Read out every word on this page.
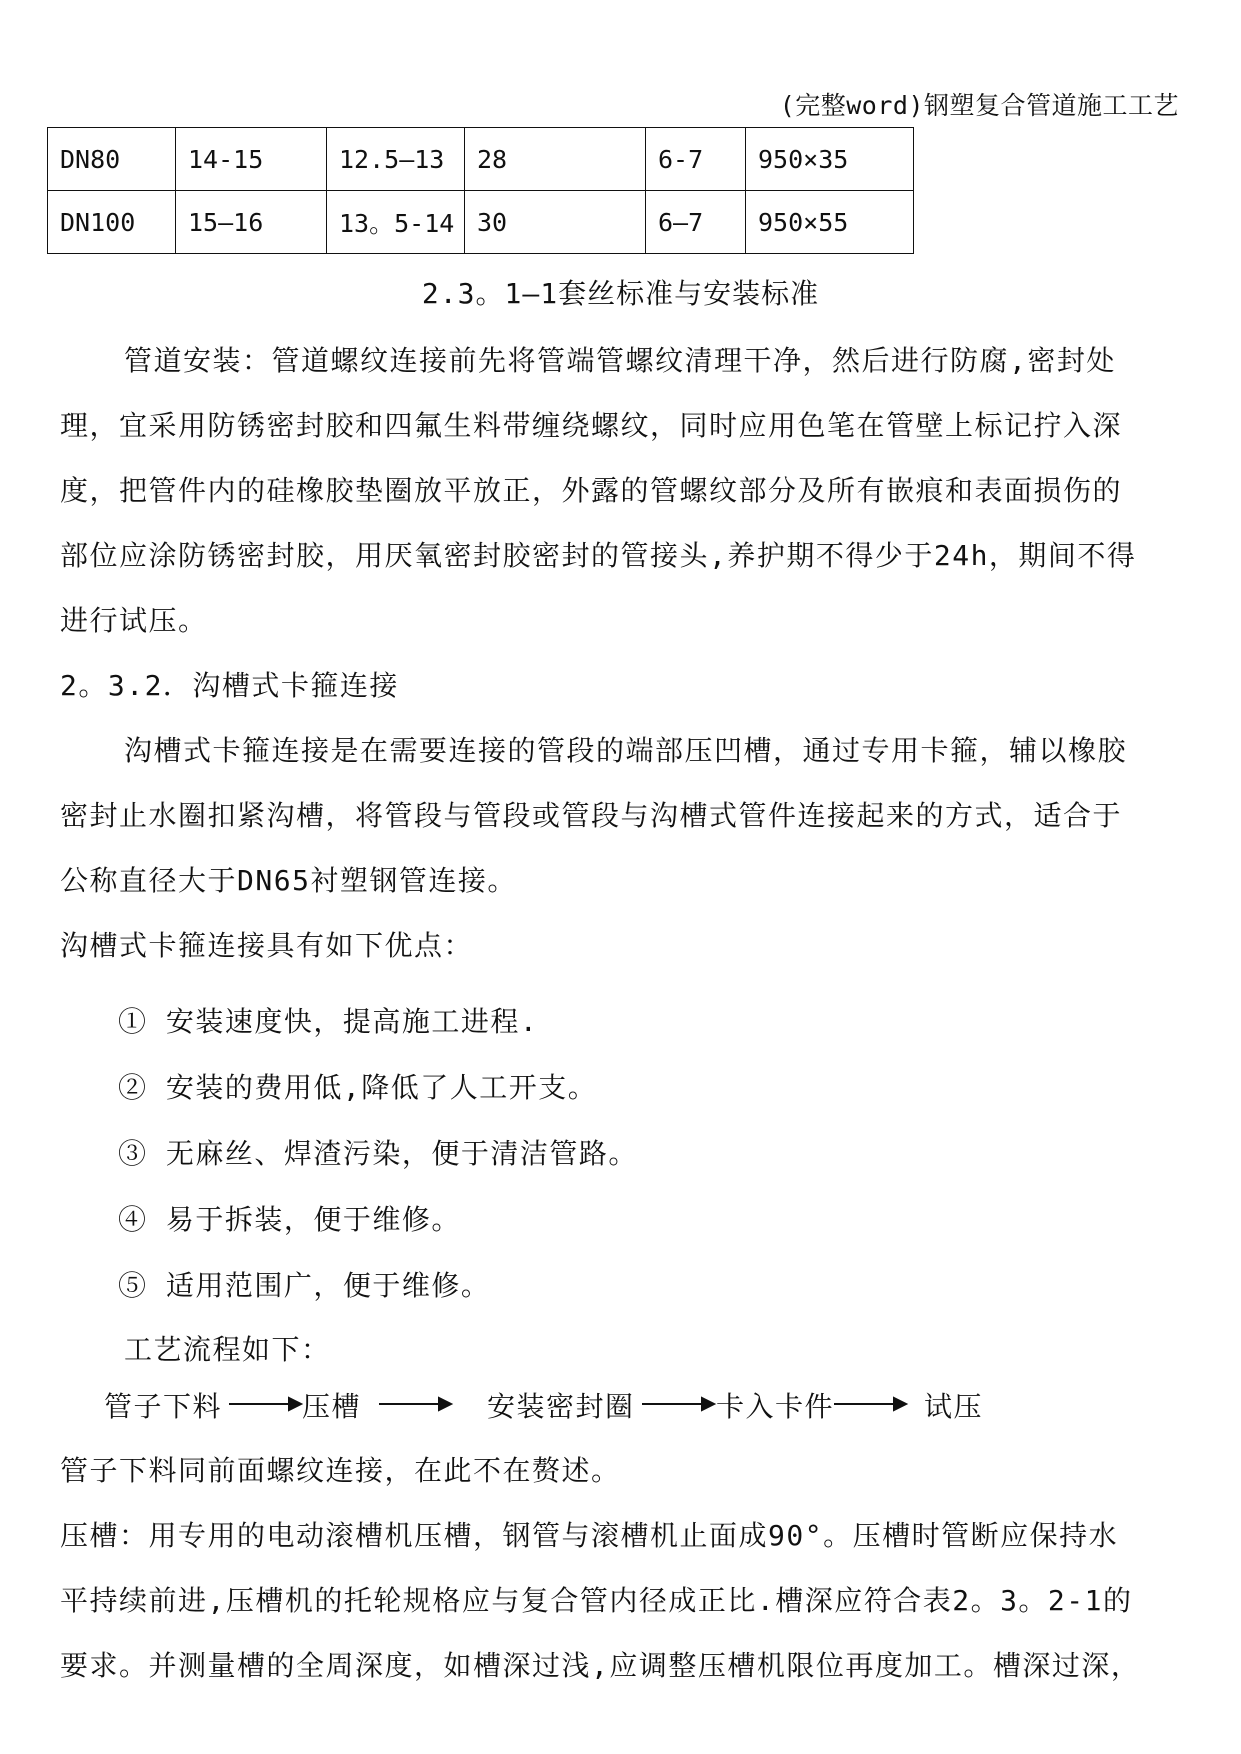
(完整word)钢塑复合管道施工工艺
DN80	14-15	12.5—13	28	6-7	950×35
DN100	15—16	13。5-14	30	6—7	950×55
2.3。1—1套丝标准与安装标准
管道安装：管道螺纹连接前先将管端管螺纹清理干净，然后进行防腐,密封处
理，宜采用防锈密封胶和四氟生料带缠绕螺纹，同时应用色笔在管壁上标记拧入深
度，把管件内的硅橡胶垫圈放平放正，外露的管螺纹部分及所有嵌痕和表面损伤的
部位应涂防锈密封胶，用厌氧密封胶密封的管接头,养护期不得少于24h，期间不得
进行试压。
2。3.2．沟槽式卡箍连接
沟槽式卡箍连接是在需要连接的管段的端部压凹槽，通过专用卡箍，辅以橡胶
密封止水圈扣紧沟槽，将管段与管段或管段与沟槽式管件连接起来的方式，适合于
公称直径大于DN65衬塑钢管连接。
沟槽式卡箍连接具有如下优点：
① 安装速度快，提高施工进程.
② 安装的费用低,降低了人工开支。
③ 无麻丝、焊渣污染，便于清洁管路。
④ 易于拆装，便于维修。
⑤ 适用范围广，便于维修。
工艺流程如下：
管子下料	压槽	安装密封圈	卡入卡件	试压
管子下料同前面螺纹连接，在此不在赘述。
压槽：用专用的电动滚槽机压槽，钢管与滚槽机止面成90°。压槽时管断应保持水
平持续前进,压槽机的托轮规格应与复合管内径成正比.槽深应符合表2。3。2-1的
要求。并测量槽的全周深度，如槽深过浅,应调整压槽机限位再度加工。槽深过深，
